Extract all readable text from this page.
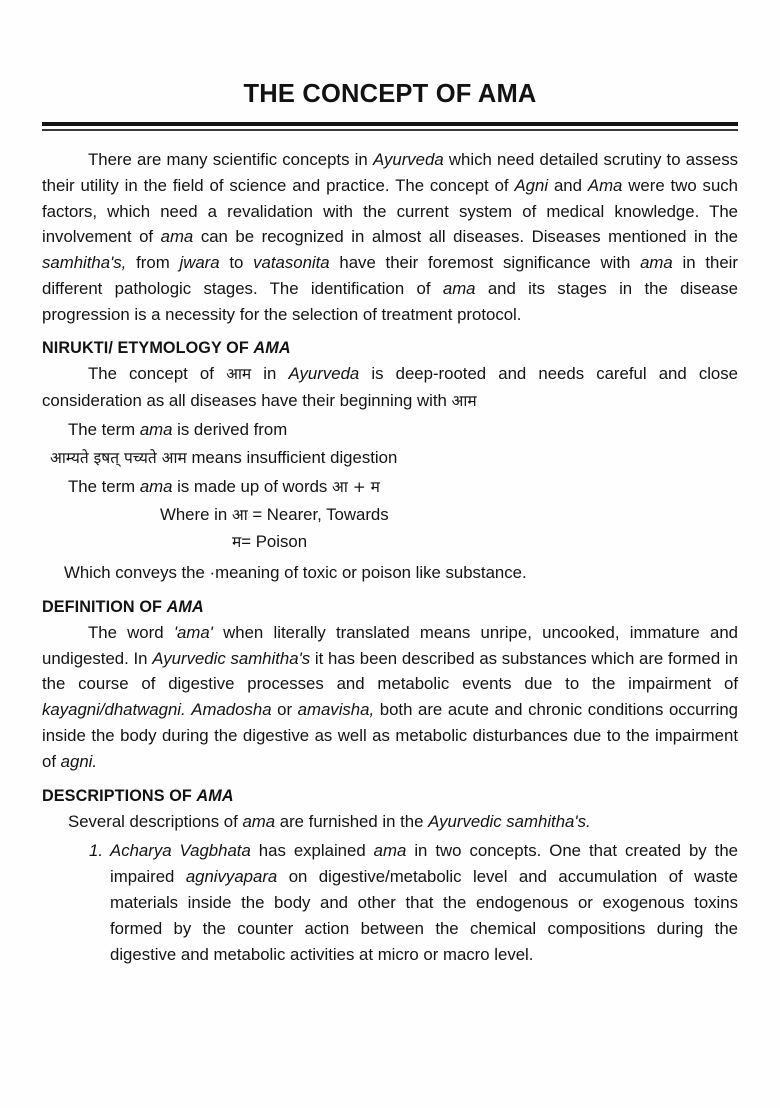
THE CONCEPT OF AMA

There are many scientific concepts in Ayurveda which need detailed scrutiny to assess their utility in the field of science and practice. The concept of Agni and Ama were two such factors, which need a revalidation with the current system of medical knowledge. The involvement of ama can be recognized in almost all diseases. Diseases mentioned in the samhitha's, from jwara to vatasonita have their foremost significance with ama in their different pathologic stages. The identification of ama and its stages in the disease progression is a necessity for the selection of treatment protocol.

NIRUKTI/ ETYMOLOGY OF AMA

The concept of आम in Ayurveda is deep-rooted and needs careful and close consideration as all diseases have their beginning with आम

The term ama is derived from
आम्यते इषत् पच्यते आम means insufficient digestion
The term ama is made up of words आ + म
Where in आ = Nearer, Towards
म= Poison
Which conveys the ·meaning of toxic or poison like substance.
DEFINITION OF AMA

The word 'ama' when literally translated means unripe, uncooked, immature and undigested. In Ayurvedic samhitha's it has been described as substances which are formed in the course of digestive processes and metabolic events due to the impairment of kayagni/dhatwagni. Amadosha or amavisha, both are acute and chronic conditions occurring inside the body during the digestive as well as metabolic disturbances due to the impairment of agni.

DESCRIPTIONS OF AMA

Several descriptions of ama are furnished in the Ayurvedic samhitha's.

1. Acharya Vagbhata has explained ama in two concepts. One that created by the impaired agnivyapara on digestive/metabolic level and accumulation of waste materials inside the body and other that the endogenous or exogenous toxins formed by the counter action between the chemical compositions during the digestive and metabolic activities at micro or macro level.
